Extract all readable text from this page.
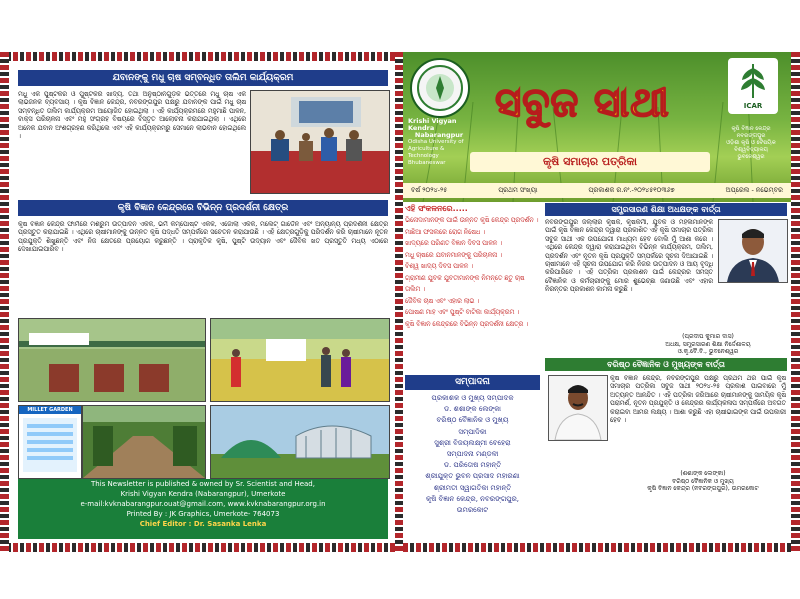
ଯବାନଙ୍କୁ ମଧୁ ଚାଷ ସମ୍ବନ୍ଧିତ ତାଲିମ କାର୍ଯ୍ୟକ୍ରମ
ମଧୁ ଏକ ପୁଷ୍ଟିକର ଓ ପୁଷ୍ଟିକର ଖାଦ୍ୟ, ତଥା ଅନୁଷ୍ଠାନଗୁଡ଼ିକ ଭିତ୍ତିରେ ମଧୁ ଚାଷ ଏକ ଲାଭଜନକ ବ୍ୟବସାୟ । କୃଷି ବିଜ୍ଞାନ କେନ୍ଦ୍ର, ନବରଙ୍ଗପୁର ପକ୍ଷରୁ ଯବାନଙ୍କ ପାଇଁ ମଧୁ ଚାଷ ସମ୍ବନ୍ଧିତ ତାଲିମ କାର୍ଯ୍ୟକ୍ରମ ଆୟୋଜିତ ହୋଇଥିଲା । ଏହି କାର୍ଯ୍ୟକ୍ରମରେ ମହୁମାଛି ପାଳନ, ବାକ୍ସ ପରିଚାଳନା ଏବଂ ମହୁ ସଂଗ୍ରହ ବିଷୟରେ ବିସ୍ତୃତ ଆଲୋଚନା କରାଯାଇଥିଲା । ଏଥିରେ ଅନେକ ଯବାନ ଅଂଶଗ୍ରହଣ କରିଥିଲେ ଏବଂ ଏହି କାର୍ଯ୍ୟକ୍ରମରୁ ସେମାନେ ଲାଭବାନ ହୋଇଥିଲେ ।
କୃଷି ବିଜ୍ଞାନ କେନ୍ଦ୍ରରେ ବିଭିନ୍ନ ପ୍ରଦର୍ଶନୀ କ୍ଷେତ୍ର
କୃଷି ବିଜ୍ଞାନ କେନ୍ଦ୍ର ଫାର୍ମରେ ମଶରୁମ ଉତ୍ପାଦନ ଏକକ, ଭର୍ମି କମ୍ପୋଷ୍ଟ ଏକକ, ଏଜୋଲା ଏକକ, ମିଲେଟ୍ ଗାର୍ଡେନ ଏବଂ ଅନ୍ୟାନ୍ୟ ପ୍ରଦର୍ଶନୀ କ୍ଷେତ୍ର ପ୍ରସ୍ତୁତ କରାଯାଇଛି । ଏଥିରେ ଚାଷୀମାନଙ୍କୁ ଉନ୍ନତ କୃଷି ପଦ୍ଧତି ସମ୍ପର୍କରେ ସଚେତନ କରାଯାଉଛି । ଏହି କ୍ଷେତ୍ରଗୁଡ଼ିକୁ ପରିଦର୍ଶନ କରି ଚାଷୀମାନେ ନୂତନ ପ୍ରଯୁକ୍ତି ଶିଖୁଛନ୍ତି ଏବଂ ନିଜ କ୍ଷେତରେ ପ୍ରୟୋଗ କରୁଛନ୍ତି । ପ୍ରାକୃତିକ କୃଷି, ପୁଷ୍ଟି ଉଦ୍ୟାନ ଏବଂ ଜୈବିକ ଖତ ପ୍ରସ୍ତୁତି ମଧ୍ୟ ଏଠାରେ ଦେଖାଯାଇପାରିବ ।
MILLET GARDEN
This Newsletter is published & owned by Sr. Scientist and Head,
Krishi Vigyan Kendra (Nabarangpur), Umerkote
e-mail:kvknabarangpur.ouat@gmail.com, www.kvknabarangpur.org.in
Printed By : JK Graphics, Umerkote- 764073
Chief Editor : Dr. Sasanka Lenka
Krishi Vigyan Kendra
Nabarangpur
Odisha University of
Agriculture & Technology
Bhubaneswar
ସବୁଜ ସାଥୀ
କୃଷି ସମାଚାର ପତ୍ରିକା
ICAR
କୃଷି ବିଜ୍ଞାନ କେନ୍ଦ୍ର
ନବରଙ୍ଗପୁର
ଓଡ଼ିଶା କୃଷି ଓ ବୈଷୟିକ
ବିଶ୍ୱବିଦ୍ୟାଳୟ
ଭୁବନେଶ୍ୱର
ବର୍ଷ ୨୦୨୪-୨୫	ପ୍ରଥମ ସଂଖ୍ୟା	ପ୍ରକାଶକ ର.ନଂ.-୨୦୨୪୫୧୦୩୬୭	ଅପ୍ରେଲ - ନଭେମ୍ବର
ଏହି ସଂକଳନରେ.....
ଭିନୋଦାମାନଙ୍କ ପାଇଁ ଉନ୍ନତ କୃଷି କେନ୍ଦ୍ର ପ୍ରଦର୍ଶନ ।
ମାଛିଆ ଫସଲରେ ରୋଗ ନିଷେଧ ।
ଖାଦ୍ୟରେ ପରିଣତ ବିଜ୍ଞାନ ଦିବସ ପାଳନ ।
ମଧୁ ଚାଷରେ ଯବାନମାନଙ୍କୁ ପରିଚାଳନା ।
ବିଶ୍ୱ ଖାଦ୍ୟ ଦିବସ ପାଳନ ।
ଗ୍ରାମୀଣ ଯୁବକ ଯୁବତୀମାନଙ୍କ ନିମନ୍ତେ ଛତୁ ଚାଷ ତାଲିମ ।
ଜୈବିକ ଚାଷ ଏବଂ ଏହାର ଲାଭ ।
ପୋଷଣ ମାହ ଏବଂ ପୁଷ୍ଟି ବାଟିକା କାର୍ଯ୍ୟକ୍ରମ ।
କୃଷି ବିଜ୍ଞାନ କେନ୍ଦ୍ରରେ ବିଭିନ୍ନ ପ୍ରଦର୍ଶନୀ କ୍ଷେତ୍ର ।
ସମ୍ପାଦନା
ପ୍ରକାଶକ ଓ ମୁଖ୍ୟ ସମ୍ପାଦକ
ଡ. ଶଶାଙ୍କ ଲେଙ୍କା
ବରିଷ୍ଠ ବୈଜ୍ଞାନିକ ଓ ମୁଖ୍ୟ
ସମ୍ପାଦିକା
ସୁଶ୍ରୀ ବିଜୟଲକ୍ଷ୍ମୀ ବେହେରା
ସମ୍ପାଦନା ମଣ୍ଡଳୀ
ଡ. ପରିତୋଷ ମହାନ୍ତି
ଶ୍ରୀଯୁକ୍ତ ଭୁବନ ପ୍ରସାଦ ମହାରଣା
ଶ୍ରୀମତୀ ସ୍ୱାଗତିକା ମହାନ୍ତି
କୃଷି ବିଜ୍ଞାନ କେନ୍ଦ୍ର, ନବରଙ୍ଗପୁର,
ଉମରକୋଟ
ସମ୍ପ୍ରସାରଣ ଶିକ୍ଷା ଅଧକ୍ଷଙ୍କ ବାର୍ତ୍ତା
ନବରଙ୍ଗପୁର ଜିଲ୍ଲାର କୃଷକ, କୃଷିକର୍ମୀ, ଯୁବକ ଓ ମହିଳାମାନଙ୍କ ପାଇଁ କୃଷି ବିଜ୍ଞାନ କେନ୍ଦ୍ର ଦ୍ୱାରା ପ୍ରକାଶିତ ଏହି କୃଷି ସମାଚାର ପତ୍ରିକା ସବୁଜ ସାଥୀ ଏକ ଉପଯୋଗୀ ମାଧ୍ୟମ ହେବ ବୋଲି ମୁଁ ଆଶା କରେ । ଏଥିରେ କେନ୍ଦ୍ର ଦ୍ୱାରା କରାଯାଇଥିବା ବିଭିନ୍ନ କାର୍ଯ୍ୟକ୍ରମ, ତାଲିମ, ପ୍ରଦର୍ଶନ ଏବଂ ନୂତନ କୃଷି ପ୍ରଯୁକ୍ତି ସମ୍ପର୍କରେ ସୂଚନା ଦିଆଯାଇଛି । ଚାଷୀମାନେ ଏହି ସୂଚନା ଉପଯୋଗ କରି ନିଜର ଉତ୍ପାଦନ ଓ ଆୟ ବୃଦ୍ଧି କରିପାରିବେ । ଏହି ପତ୍ରିକା ପ୍ରକାଶନ ପାଇଁ କେନ୍ଦ୍ରର ସମସ୍ତ ବୈଜ୍ଞାନିକ ଓ କର୍ମଚାରୀଙ୍କୁ ମୋର ଶୁଭେଚ୍ଛା ଜଣାଉଛି ଏବଂ ଏହାର ନିରନ୍ତର ପ୍ରକାଶନ କାମନା କରୁଛି ।
(ପ୍ରଦୀପ କୁମାର ଦାସ)
ଅଧକ୍ଷ, ସମ୍ପ୍ରସାରଣ ଶିକ୍ଷା ନିର୍ଦ୍ଦେଶାଳୟ
ଓ.କୃ.ବୈ.ବି., ଭୁବନେଶ୍ୱର
ବରିଷ୍ଠ ବୈଜ୍ଞାନିକ ଓ ମୁଖ୍ୟଙ୍କ ବାର୍ତ୍ତା
କୃଷି ବିଜ୍ଞାନ କେନ୍ଦ୍ର, ନବରଙ୍ଗପୁର ପକ୍ଷରୁ ପ୍ରଥମ ଥର ପାଇଁ କୃଷି ସମାଚାର ପତ୍ରିକା ସବୁଜ ସାଥୀ ୨୦୨୪-୨୫ ପ୍ରକାଶ ପାଇବାରେ ମୁଁ ଅତ୍ୟନ୍ତ ଆନନ୍ଦିତ । ଏହି ପତ୍ରିକା ଜରିଆରେ ଚାଷୀମାନଙ୍କୁ ସାମୟିକ କୃଷି ପରାମର୍ଶ, ନୂତନ ପ୍ରଯୁକ୍ତି ଓ କେନ୍ଦ୍ରର କାର୍ଯ୍ୟକଳାପ ସମ୍ପର୍କରେ ଅବଗତ କରାଇବା ଆମର ଲକ୍ଷ୍ୟ । ଆଶା କରୁଛି ଏହା ଚାଷୀଭାଇଙ୍କ ପାଇଁ ଉପକାରୀ ହେବ ।
(ଶଶାଙ୍କ ଲେଙ୍କା)
ବରିଷ୍ଠ ବୈଜ୍ଞାନିକ ଓ ମୁଖ୍ୟ
କୃଷି ବିଜ୍ଞାନ କେନ୍ଦ୍ର (ନବରଙ୍ଗପୁର), ଉମରକୋଟ
